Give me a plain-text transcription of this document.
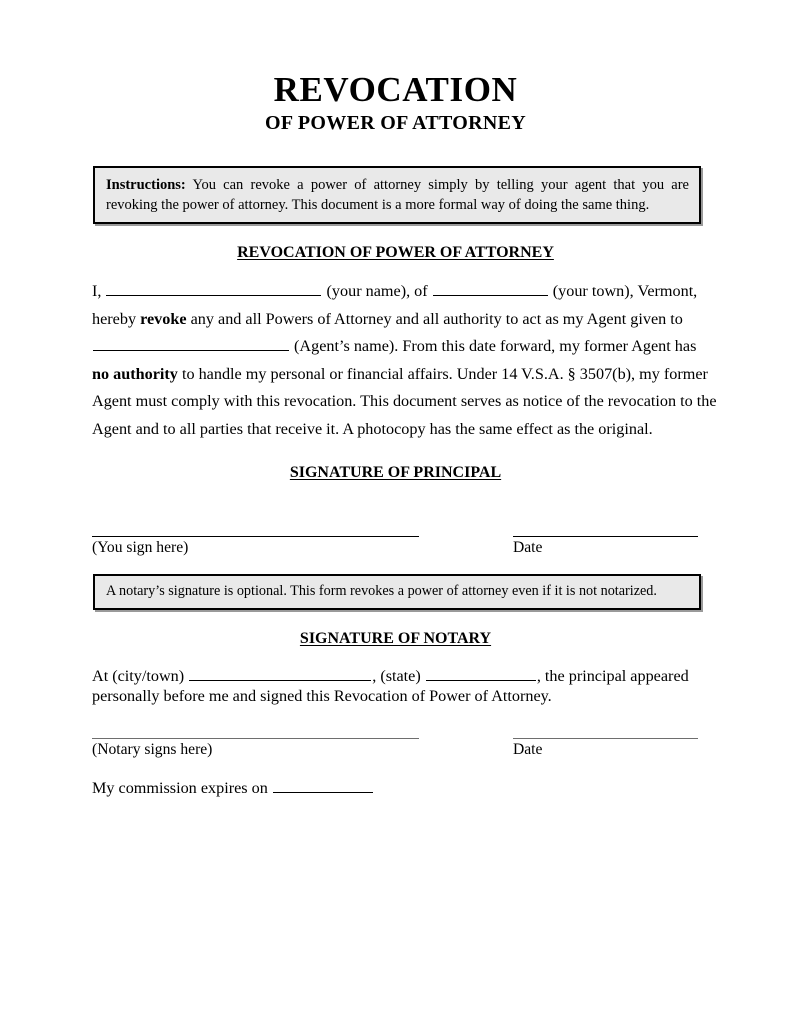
REVOCATION
OF POWER OF ATTORNEY
Instructions: You can revoke a power of attorney simply by telling your agent that you are revoking the power of attorney. This document is a more formal way of doing the same thing.
REVOCATION OF POWER OF ATTORNEY
I,	(your name), of	(your town), Vermont,
hereby revoke any and all Powers of Attorney and all authority to act as my Agent given to
(Agent’s name). From this date forward, my former Agent has
no authority to handle my personal or financial affairs. Under 14 V.S.A. § 3507(b), my former
Agent must comply with this revocation. This document serves as notice of the revocation to the
Agent and to all parties that receive it. A photocopy has the same effect as the original.
SIGNATURE OF PRINCIPAL
(You sign here)	Date
A notary’s signature is optional. This form revokes a power of attorney even if it is not notarized.
SIGNATURE OF NOTARY
At (city/town)	, (state)	, the principal appeared
personally before me and signed this Revocation of Power of Attorney.
(Notary signs here)	Date
My commission expires on
